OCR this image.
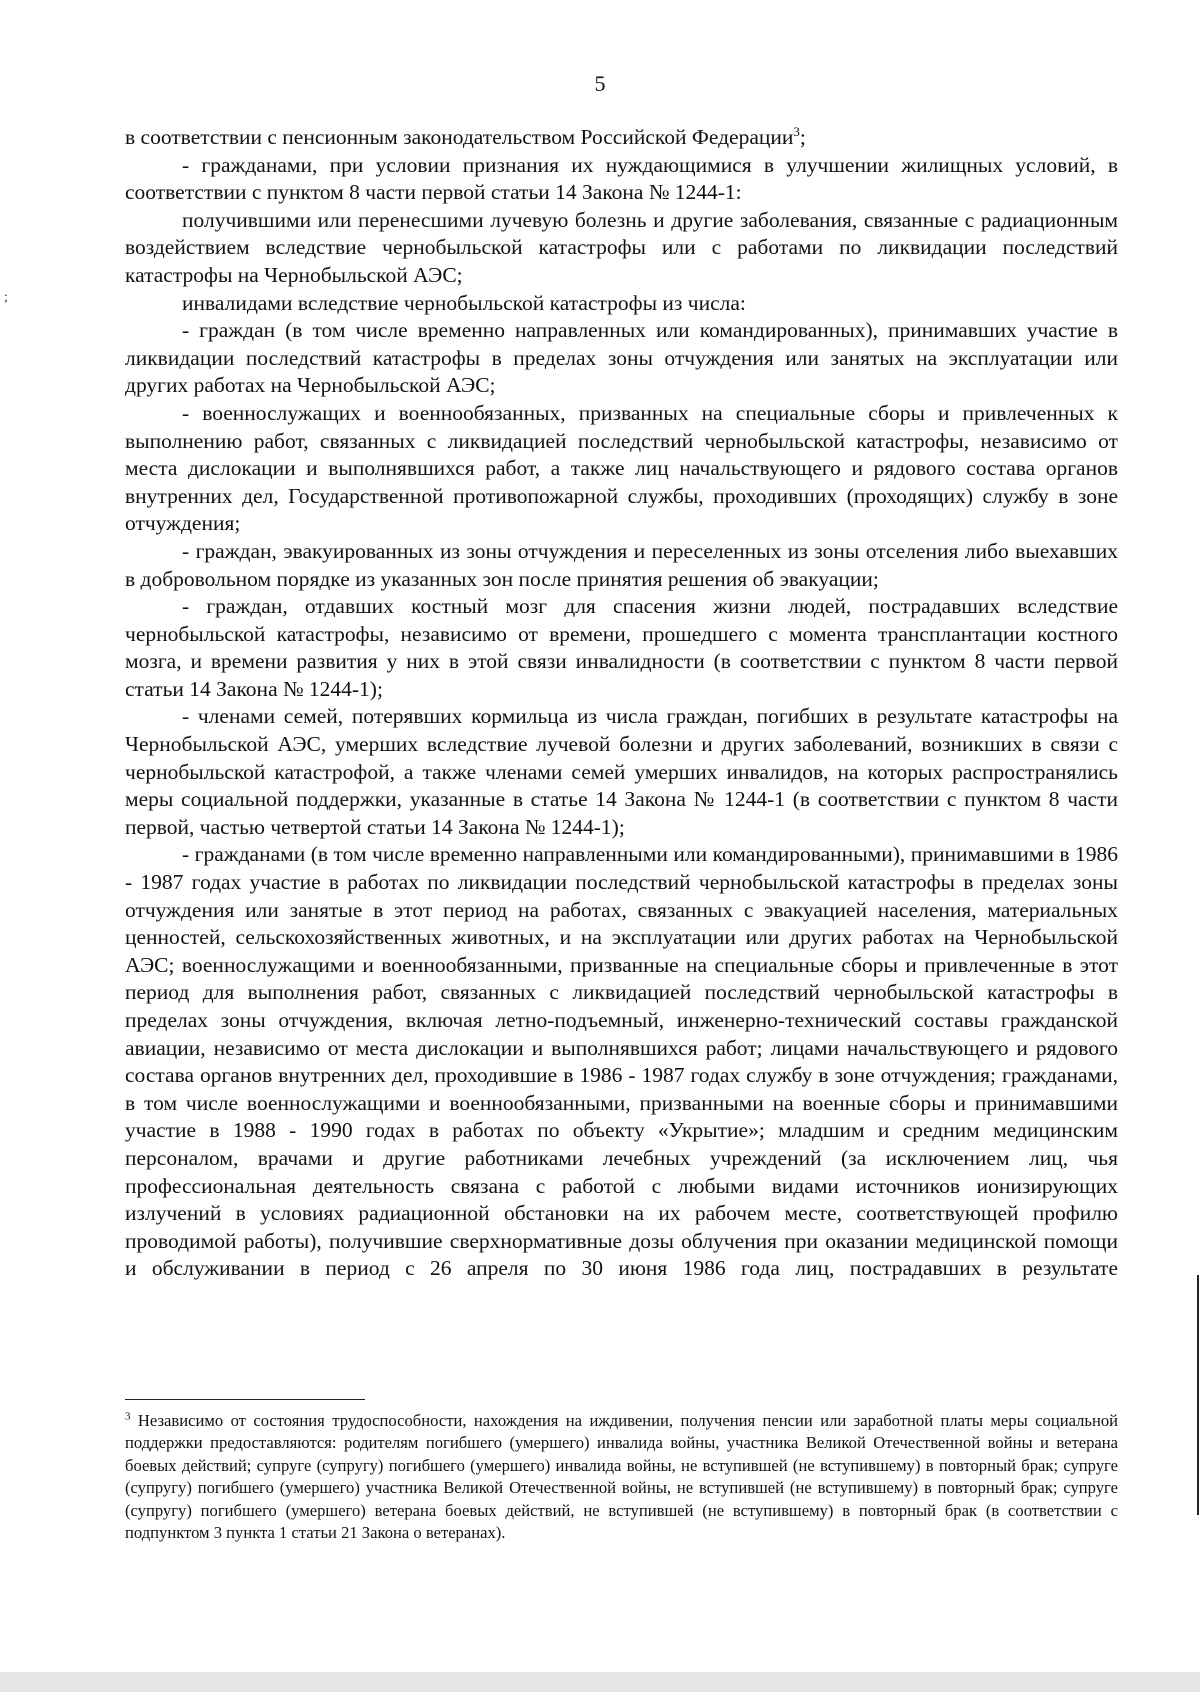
5
;

в соответствии с пенсионным законодательством Российской Федерации$^3$;

- гражданами, при условии признания их нуждающимися в улучшении жилищных условий, в соответствии с пунктом 8 части первой статьи 14 Закона № 1244-1:

получившими или перенесшими лучевую болезнь и другие заболевания, связанные с радиационным воздействием вследствие чернобыльской катастрофы или с работами по ликвидации последствий катастрофы на Чернобыльской АЭС;

инвалидами вследствие чернобыльской катастрофы из числа:

- граждан (в том числе временно направленных или командированных), принимавших участие в ликвидации последствий катастрофы в пределах зоны отчуждения или занятых на эксплуатации или других работах на Чернобыльской АЭС;

- военнослужащих и военнообязанных, призванных на специальные сборы и привлеченных к выполнению работ, связанных с ликвидацией последствий чернобыльской катастрофы, независимо от места дислокации и выполнявшихся работ, а также лиц начальствующего и рядового состава органов внутренних дел, Государственной противопожарной службы, проходивших (проходящих) службу в зоне отчуждения;

- граждан, эвакуированных из зоны отчуждения и переселенных из зоны отселения либо выехавших в добровольном порядке из указанных зон после принятия решения об эвакуации;

- граждан, отдавших костный мозг для спасения жизни людей, пострадавших вследствие чернобыльской катастрофы, независимо от времени, прошедшего с момента трансплантации костного мозга, и времени развития у них в этой связи инвалидности (в соответствии с пунктом 8 части первой статьи 14 Закона № 1244-1);

- членами семей, потерявших кормильца из числа граждан, погибших в результате катастрофы на Чернобыльской АЭС, умерших вследствие лучевой болезни и других заболеваний, возникших в связи с чернобыльской катастрофой, а также членами семей умерших инвалидов, на которых распространялись меры социальной поддержки, указанные в статье 14 Закона № 1244-1 (в соответствии с пунктом 8 части первой, частью четвертой статьи 14 Закона № 1244-1);

- гражданами (в том числе временно направленными или командированными), принимавшими в 1986 - 1987 годах участие в работах по ликвидации последствий чернобыльской катастрофы в пределах зоны отчуждения или занятые в этот период на работах, связанных с эвакуацией населения, материальных ценностей, сельскохозяйственных животных, и на эксплуатации или других работах на Чернобыльской АЭС; военнослужащими и военнообязанными, призванные на специальные сборы и привлеченные в этот период для выполнения работ, связанных с ликвидацией последствий чернобыльской катастрофы в пределах зоны отчуждения, включая летно-подъемный, инженерно-технический составы гражданской авиации, независимо от места дислокации и выполнявшихся работ; лицами начальствующего и рядового состава органов внутренних дел, проходившие в 1986 - 1987 годах службу в зоне отчуждения; гражданами, в том числе военнослужащими и военнообязанными, призванными на военные сборы и принимавшими участие в 1988 - 1990 годах в работах по объекту «Укрытие»; младшим и средним медицинским персоналом, врачами и другие работниками лечебных учреждений (за исключением лиц, чья профессиональная деятельность связана с работой с любыми видами источников ионизирующих излучений в условиях радиационной обстановки на их рабочем месте, соответствующей профилю проводимой работы), получившие сверхнормативные дозы облучения при оказании медицинской помощи и обслуживании в период с 26 апреля по 30 июня 1986 года лиц, пострадавших в результате

$^3$ Независимо от состояния трудоспособности, нахождения на иждивении, получения пенсии или заработной платы меры социальной поддержки предоставляются: родителям погибшего (умершего) инвалида войны, участника Великой Отечественной войны и ветерана боевых действий; супруге (супругу) погибшего (умершего) инвалида войны, не вступившей (не вступившему) в повторный брак; супруге (супругу) погибшего (умершего) участника Великой Отечественной войны, не вступившей (не вступившему) в повторный брак; супруге (супругу) погибшего (умершего) ветерана боевых действий, не вступившей (не вступившему) в повторный брак (в соответствии с подпунктом 3 пункта 1 статьи 21 Закона о ветеранах).
